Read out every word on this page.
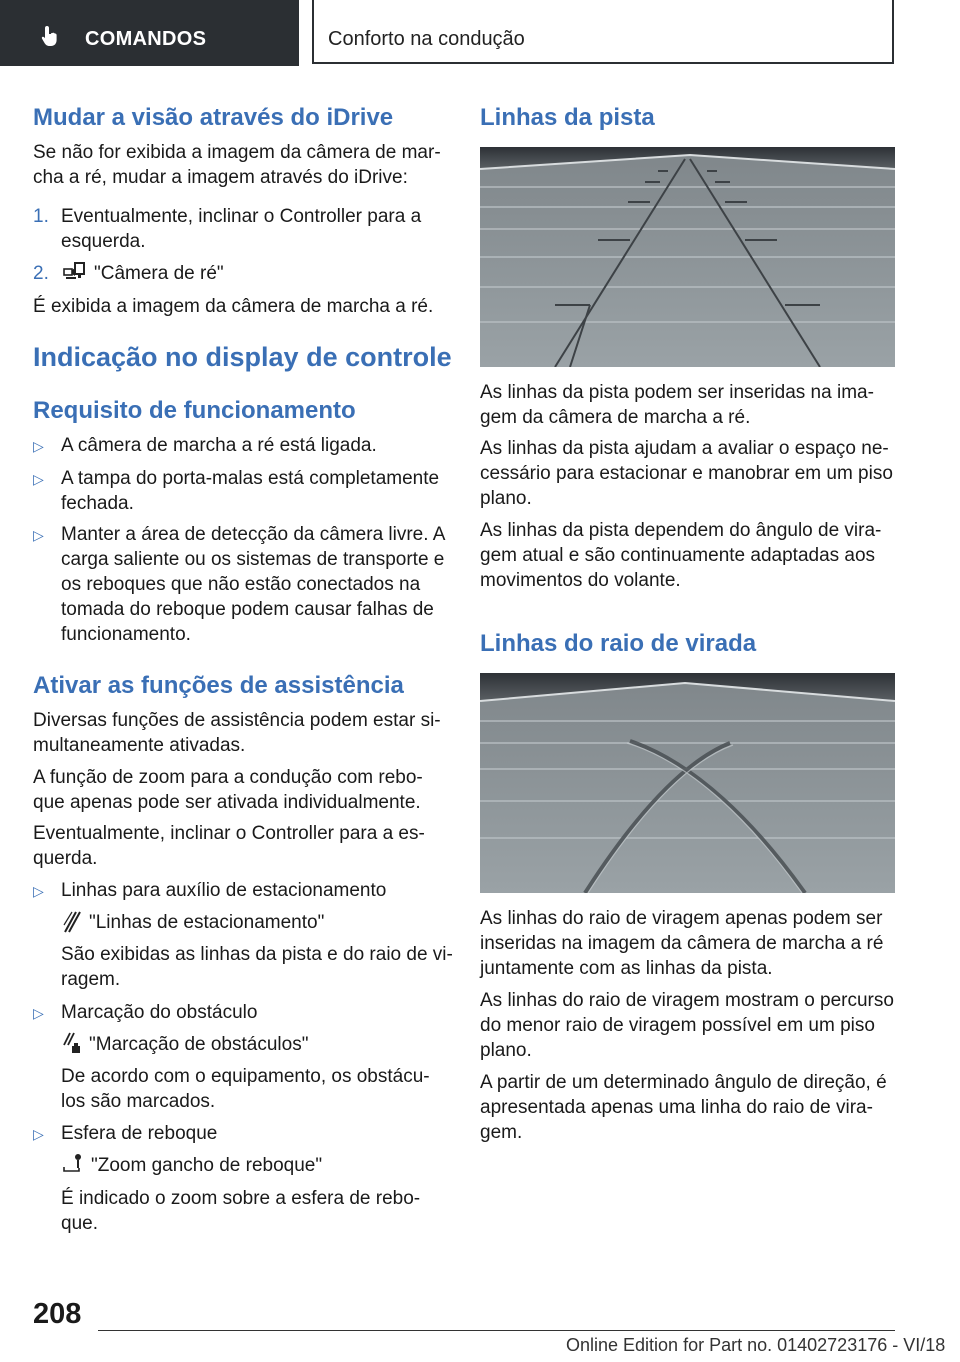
COMANDOS	Conforto na condução
Mudar a visão através do iDrive

Se não for exibida a imagem da câmera de mar-

cha a ré, mudar a imagem através do iDrive:

1. Eventualmente, inclinar o Controller para a

esquerda.

2. "Câmera de ré"

É exibida a imagem da câmera de marcha a ré.

Indicação no display de controle
Requisito de funcionamento
▷ A câmera de marcha a ré está ligada.

▷ A tampa do porta-malas está completamente

fechada.

▷ Manter a área de detecção da câmera livre. A

carga saliente ou os sistemas de transporte e

os reboques que não estão conectados na

tomada do reboque podem causar falhas de

funcionamento.

Ativar as funções de assistência

Diversas funções de assistência podem estar si-

multaneamente ativadas.

A função de zoom para a condução com rebo-

que apenas pode ser ativada individualmente.

Eventualmente, inclinar o Controller para a es-

querda.

▷ Linhas para auxílio de estacionamento

"Linhas de estacionamento"

São exibidas as linhas da pista e do raio de vi-

ragem.

▷ Marcação do obstáculo

"Marcação de obstáculos"

De acordo com o equipamento, os obstácu-

los são marcados.

▷ Esfera de reboque

"Zoom gancho de reboque"

É indicado o zoom sobre a esfera de rebo-

que.

Linhas da pista

As linhas da pista podem ser inseridas na ima-

gem da câmera de marcha a ré.

As linhas da pista ajudam a avaliar o espaço ne-

cessário para estacionar e manobrar em um piso

plano.

As linhas da pista dependem do ângulo de vira-

gem atual e são continuamente adaptadas aos

movimentos do volante.

Linhas do raio de virada

As linhas do raio de viragem apenas podem ser

inseridas na imagem da câmera de marcha a ré

juntamente com as linhas da pista.

As linhas do raio de viragem mostram o percurso

do menor raio de viragem possível em um piso

plano.

A partir de um determinado ângulo de direção, é

apresentada apenas uma linha do raio de vira-

gem.

208
Online Edition for Part no. 01402723176 - VI/18
